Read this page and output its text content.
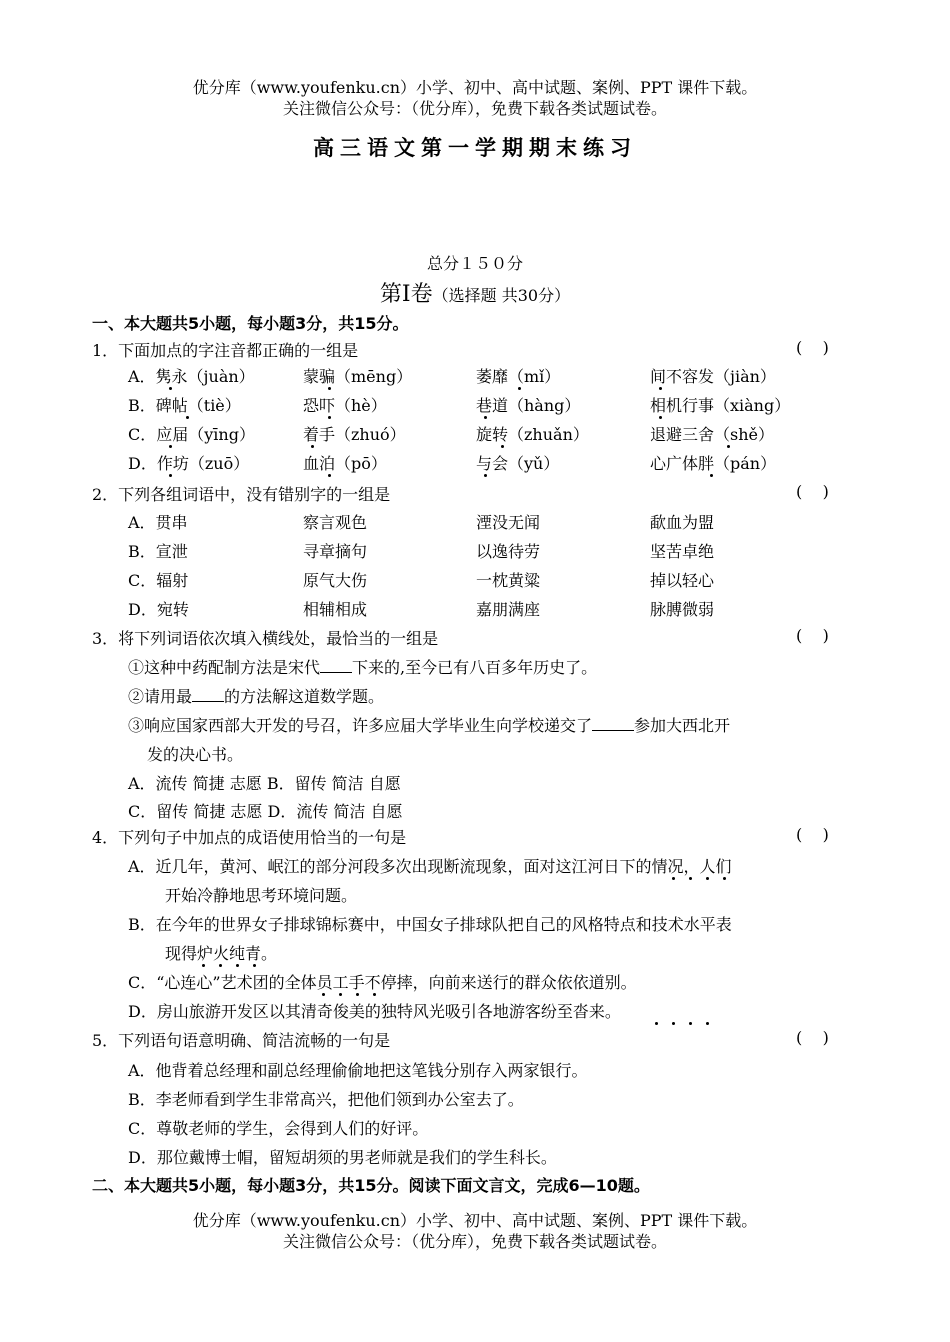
优分库（www.youfenku.cn）小学、初中、高中试题、案例、PPT 课件下载。
关注微信公众号：（优分库），免费下载各类试题试卷。
高三语文第一学期期末练习
总分１５０分
第Ⅰ卷（选择题 共30分）
一、本大题共5小题，每小题3分，共15分。
1．下面加点的字注音都正确的一组是	(    )
A．隽永（juàn）	蒙骗（mēng）	萎靡（mǐ）	间不容发（jiàn）
B．碑帖（tiè）	恐吓（hè）	巷道（hàng）	相机行事（xiàng）
C．应届（yīng）	着手（zhuó）	旋转（zhuǎn）	退避三舍（shě）
D．作坊（zuō）	血泊（pō）	与会（yǔ）	心广体胖（pán）
2．下列各组词语中，没有错别字的一组是	(    )
A．贯串	察言观色	湮没无闻	歃血为盟
B．宣泄	寻章摘句	以逸待劳	坚苦卓绝
C．辐射	原气大伤	一枕黄粱	掉以轻心
D．宛转	相辅相成	嘉朋满座	脉膊微弱
3．将下列词语依次填入横线处，最恰当的一组是	(    )
①这种中药配制方法是宋代 下来的,至今已有八百多年历史了。
②请用最 的方法解这道数学题。
③响应国家西部大开发的号召，许多应届大学毕业生向学校递交了	参加大西北开
发的决心书。
A．流传 简捷 志愿 B．留传 简洁 自愿
C．留传 简捷 志愿 D．流传 简洁 自愿
4．下列句子中加点的成语使用恰当的一句是	(    )
A．近几年，黄河、岷江的部分河段多次出现断流现象，面对这江河日下的情况，人们
开始冷静地思考环境问题。
B．在今年的世界女子排球锦标赛中，中国女子排球队把自己的风格特点和技术水平表
现得炉火纯青。
C．“心连心”艺术团的全体员工手不停摔，向前来送行的群众依依道别。
D．房山旅游开发区以其清奇俊美的独特风光吸引各地游客纷至沓来。
5．下列语句语意明确、简洁流畅的一句是	(    )
A．他背着总经理和副总经理偷偷地把这笔钱分别存入两家银行。
B．李老师看到学生非常高兴，把他们领到办公室去了。
C．尊敬老师的学生，会得到人们的好评。
D．那位戴博士帽，留短胡须的男老师就是我们的学生科长。
二、本大题共5小题，每小题3分，共15分。阅读下面文言文，完成6—10题。
优分库（www.youfenku.cn）小学、初中、高中试题、案例、PPT 课件下载。
关注微信公众号：（优分库），免费下载各类试题试卷。
